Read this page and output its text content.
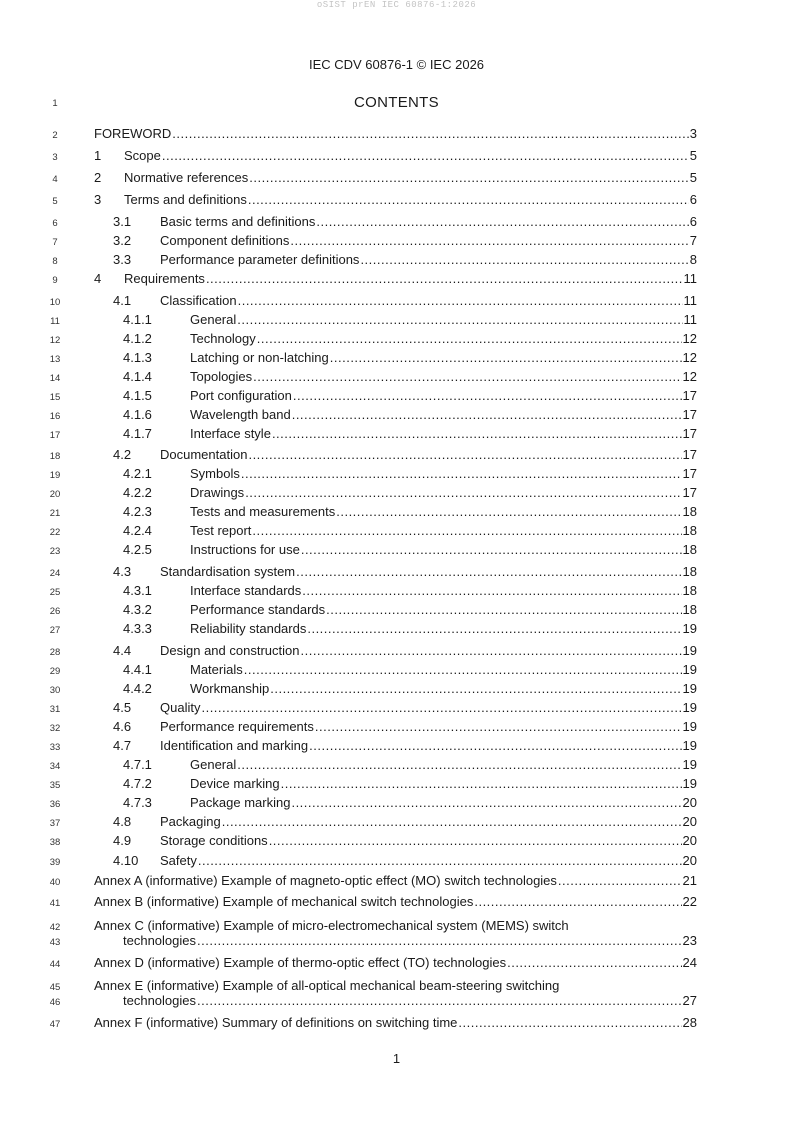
oSIST prEN IEC 60876-1:2026
IEC CDV 60876-1 © IEC 2026
1	CONTENTS
2	FOREWORD .....	3
3	1 Scope .....	5
4	2 Normative references .....	5
5	3 Terms and definitions .....	6
6	3.1 Basic terms and definitions .....	6
7	3.2 Component definitions .....	7
8	3.3 Performance parameter definitions .....	8
9	4 Requirements .....	11
10	4.1 Classification .....	11
11	4.1.1	General .....	11
12	4.1.2	Technology .....	12
13	4.1.3	Latching or non-latching .....	12
14	4.1.4	Topologies .....	12
15	4.1.5	Port configuration .....	17
16	4.1.6	Wavelength band .....	17
17	4.1.7	Interface style .....	17
18	4.2 Documentation .....	17
19	4.2.1	Symbols .....	17
20	4.2.2	Drawings .....	17
21	4.2.3	Tests and measurements .....	18
22	4.2.4	Test report .....	18
23	4.2.5	Instructions for use .....	18
24	4.3 Standardisation system .....	18
25	4.3.1	Interface standards .....	18
26	4.3.2	Performance standards .....	18
27	4.3.3	Reliability standards .....	19
28	4.4 Design and construction .....	19
29	4.4.1	Materials .....	19
30	4.4.2	Workmanship .....	19
31	4.5 Quality .....	19
32	4.6 Performance requirements .....	19
33	4.7 Identification and marking .....	19
34	4.7.1	General .....	19
35	4.7.2	Device marking .....	19
36	4.7.3	Package marking .....	20
37	4.8 Packaging .....	20
38	4.9 Storage conditions .....	20
39	4.10 Safety .....	20
40	Annex A (informative) Example of magneto-optic effect (MO) switch technologies .....	21
41	Annex B (informative) Example of mechanical switch technologies .....	22
42	Annex C (informative) Example of micro-electromechanical system (MEMS) switch
43	technologies .....	23
44	Annex D (informative) Example of thermo-optic effect (TO) technologies .....	24
45	Annex E (informative) Example of all-optical mechanical beam-steering switching
46	technologies .....	27
47	Annex F (informative) Summary of definitions on switching time .....	28
1
